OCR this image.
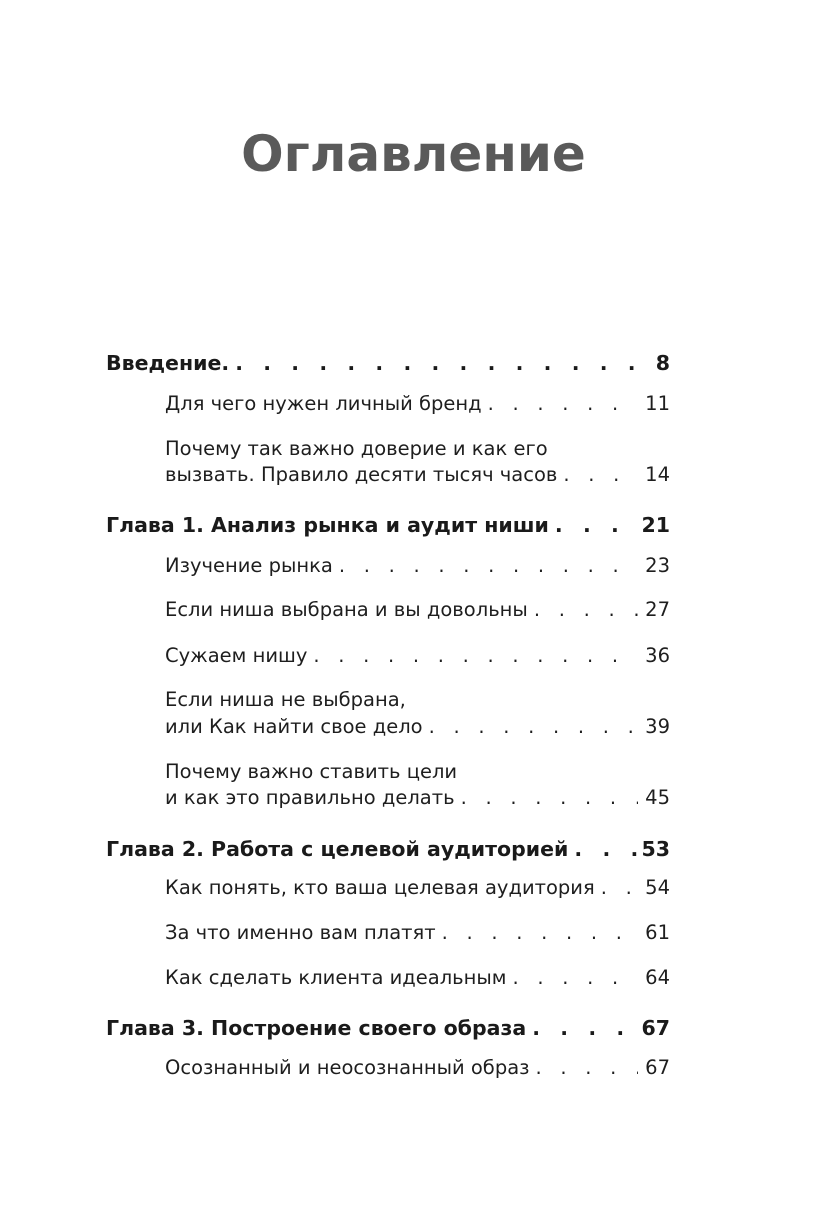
Оглавление
Введение. . . .	8
Для чего нужен личный бренд . . .	11
Почему так важно доверие и как его
вызвать. Правило десяти тысяч часов . . .	14
Глава 1. Анализ рынка и аудит ниши . . .	21
Изучение рынка . . .	23
Если ниша выбрана и вы довольны . . .	27
Сужаем нишу . . .	36
Если ниша не выбрана,
или Как найти свое дело . . .	39
Почему важно ставить цели
и как это правильно делать . . .	45
Глава 2. Работа с целевой аудиторией . . .	53
Как понять, кто ваша целевая аудитория . . .	54
За что именно вам платят . . .	61
Как сделать клиента идеальным . . .	64
Глава 3. Построение своего образа . . .	67
Осознанный и неосознанный образ . . .	67
